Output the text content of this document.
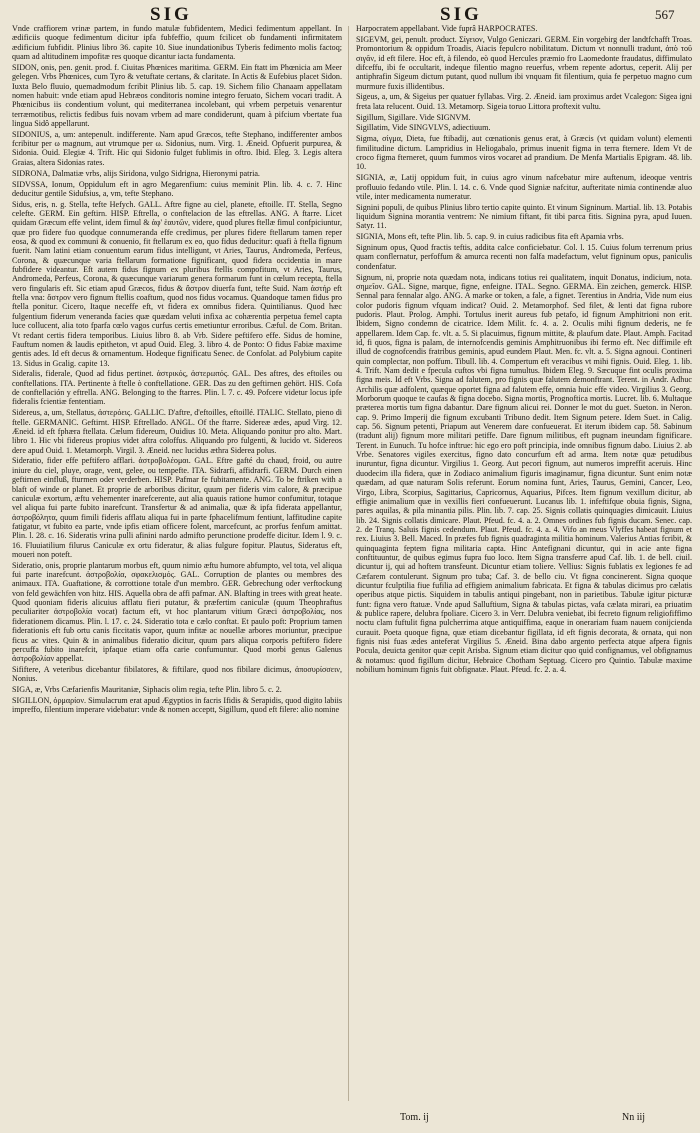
SIG	SIG	567

Vnde craffiorem vrinæ partem, in fundo matulæ fubfidentem, Medici fedimentum appellant. In ædificiis quoque fedimentum dicitur ipfa fubfeffio, quum fcilicet ob fundamenti infirmitatem ædificium fubfidit. Plinius libro 36. capite 10. Siue inundationibus Tyberis fedimento molis factoq; quam ad altitudinem impofitæ res quoque dicantur iacta fundamenta.

SIDON, onis, pen. genit. prod. f. Ciuitas Phœnices maritima. GERM. Ein ftatt im Phœnicia am Meer gelegen. Vrbs Phœnices, cum Tyro & vetuftate certans, & claritate. In Actis & Eufebius placet Sidon. Iuxta Belo fluuio, quemadmodum fcribit Plinius lib. 5. cap. 19. Sichem filio Chanaam appellatam nomen habuit: vnde etiam apud Hebræos conditoris nomine integro feruato, Sichem vocari tradit. A Phœnicibus iis condentium volunt, qui mediterranea incolebant, qui vrbem perpetuis venarentur terræmotibus, relictis fedibus fuis novam vrbem ad mare condiderunt, quam à pifcium vbertate fua lingua Sidô appellarunt.

SIDONIUS, a, um: antepenult. indifferente. Nam apud Græcos, tefte Stephano, indifferenter ambos fcribitur per ω magnum, aut vtrumque per ω. Sidonius, num. Virg. 1. Æneid. Opfuerit purpurea, & Sidonia. Ouid. Elegiæ 4. Trift. Hic qui Sidonio fulget fublimis in oftro. Ibid. Eleg. 3. Legis altera Graias, altera Sidonias rates.

SIDRONA, Dalmatiæ vrbs, alijs Siridona, vulgo Sidrigna, Hieronymi patria.

SIDVSSA, Ionum, Oppidulum eft in agro Megarenfium: cuius meminit Plin. lib. 4. c. 7. Hinc deducitur gentile Sidufsius, a, vm, tefte Stephano.

Sidus, eris, n. g. Stella, tefte Hefych. GALL. Aftre figne au ciel, planete, eftoille. IT. Stella, Segno celefte. GERM. Ein geftirn. HISP. Eftrella, o conftelacion de las eftrellas. ANG. A ftarre. Licet quidam Græcum effe velint, idem fimul & ἀφ' ἑαυτῶν, videre, quod plures ftellæ fimul confpiciuntur, quæ pro fidere fuo quodque connumeranda effe credimus, per plures fidere ftellarum tamen reper eosa, & quod ex communi & conuenio, fit ftellarum ex eo, quo fidus deducitur: quafi à ftella fignum fuerit. Nam latini etiam conuentum earum fidus intelligunt, vt Aries, Taurus, Andromeda, Perfeus, Corona, & quæcunque varia ftellarum formatione fignificant, quod fidera occidentia in mare fubfidere videantur. Eft autem fidus fignum ex pluribus ftellis compofitum, vt Aries, Taurus, Andromeda, Perfeus, Corona, & quæcunque variarum genera formarum funt in cœlum recepta, ftella vero fingularis eft. Sic etiam apud Græcos, fidus & ἄστρον diuerfa funt, tefte Suid. Nam ἀστήρ eft ftella vna: ἄστρον vero fignum ftellis coaftum, quod nos fidus vocamus. Quandoque tamen fidus pro ftella ponitur. Cicero, Itaque neceffe eft, vt fidera ex omnibus fidera. Quintilianus. Quod hæc fulgentium fiderum veneranda facies quæ quædam veluti infixa ac cohærentia perpetua femel capta luce collucent, alia toto fparfa cœlo vagos curfus certis emetiuntur erroribus. Cæful. de Com. Britan. Vt redant certis fidera temporibus. Liuius libro 8. ab Vrb. Sidere peftifero effe. Sidus de homine, Fauftum nomen & laudis epitheton, vt apud Ouid. Eleg. 3. libro 4. de Ponto: O fidus Fabiæ maxime gentis ades. Id eft decus & ornamentum. Hodeque fignificatu Senec. de Confolat. ad Polybium capite 13. Sidus in Gcalig. capite 13.

Sideralis, fiderale, Quod ad fidus pertinet. ἀστρικός, ἀστερωπός. GAL. Des aftres, des eftoiles ou conftellations. ITA. Pertinente à ftelle ò conftellatione. GER. Das zu den geftirnen gehört. HIS. Cofa de conftellación y eftrella. ANG. Belonging to the ftarres. Plin. l. 7. c. 49. Pofcere videtur locus ipfe fideralis fcientiæ fententiam.

Sidereus, a, um, Stellatus, ἀστερόεις. GALLIC. D'aftre, d'eftoilles, eftoillé. ITALIC. Stellato, pieno di ftelle. GERMANIC. Geftirnt. HISP. Eftrellado. ANGL. Of the ftarre. Sidereæ ædes, apud Virg. 12. Æneid. id eft fphæra ftellata. Cælum fidereum, Ouidius 10. Meta. Aliquando ponitur pro alto. Mart. libro 1. Hic vbi fidereus propius videt aftra coloffus. Aliquando pro fulgenti, & lucido vt. Sidereos dere apud Ouid. 1. Metamorph. Virgil. 3. Æneid. nec lucidus æthra Siderea polus.

Sideratio, fider effe peftifero afflari. ἀστροβολέομαι. GAL. Eftre gafté du chaud, froid, ou autre iniure du ciel, pluye, orage, vent, gelee, ou tempefte. ITA. Sidrarfi, affidrarfi. GERM. Durch einen geftirnen einfluß, fturmen oder verderben. HISP. Pafmar fe fubitamente. ANG. To be ftriken with a blaft of winde or planet. Et proprie de arboribus dicitur, quum per fideris vim calore, & præcipue caniculæ exortum, æftu vehementer inarefcerente, aut alia quauis ratione humor confumitur, totaque vel aliqua fui parte fubito inarefcunt. Transfertur & ad animalia, quæ & ipfa fiderata appellantur, ἀστροβόλητα, quum fimili fideris afflatu aliqua fui in parte fphacelifmum fentiunt, laffitudine capite fatigatur, vt fubito ea parte, vnde ipfis etiam officere folent, marcefcunt, ac prorfus fenfum amittat. Plin. l. 28. c. 16. Sideratis vrina pulli afinini nardo admifto perunctione prodeffe dicitur. Idem l. 9. c. 16. Fluuiatilium filurus Caniculæ ex ortu fideratur, & alias fulgure fopitur. Plautus, Sideratus eft, moueri non poteft.

Sideratio, onis, proprie plantarum morbus eft, quum nimio æftu humore abfumpto, vel tota, vel aliqua fui parte inarefcunt. ἀστροβολία, σφακελισμός. GAL. Corruption de plantes ou membres des animaux. ITA. Guaftatione, & corrottione totale d'un membro. GER. Gebrechung oder verftockung von feld gewächfen von hitz. HIS. Aquella obra de affi pafmar. AN. Blafting in trees with great heate. Quod quoniam fideris alicuius afflatu fieri putatur, & præfertim caniculæ (quum Theophraftus peculiariter ἀστροβολία vocat) factum eft, vt hoc plantarum vitium Græci ἀστροβολίας, nos fiderationem dicamus. Plin. l. 17. c. 24. Sideratio tota e cælo conftat. Et paulo poft: Proprium tamen fiderationis eft fub ortu canis ficcitatis vapor, quum infitæ ac nouellæ arbores moriuntur, præcipue ficus ac vites. Quin & in animalibus fideratio dicitur, quum pars aliqua corporis peftifero fidere percuffa fubito inarefcit, ipfaque etiam offa carie confumuntur. Quod morbi genus Galenus ἀστροβολίαν appellat.

Sififtere, A veteribus dicebantur fibilatores, & fiftilare, quod nos fibilare dicimus, ἀποσυρίσσειν, Nonius.

SIGA, æ, Vrbs Cæfarienfis Mauritaniæ, Siphacis olim regia, tefte Plin. libro 5. c. 2.

SIGILLON, ὁρμαρίον. Simulacrum erat apud Ægyptios in facris Ifidis & Serapidis, quod digito labiis impreffo, filentium imperare videbatur: vnde & nomen acceptt, Sigillum, quod eft filere: alio nomine

Harpocratem appellabant. Vide fuprâ HARPOCRATES.

SIGEVM, gei, penult. product. Σίγειον, Vulgo Geniczari. GERM. Ein vorgebirg der landtfchafft Troas. Promontorium & oppidum Troadis, Aiacis fepulcro nobilitatum. Dictum vt nonnulli tradunt, ἀπὸ τοῦ σιγᾶν, id eft filere. Hoc eft, à filendo, eò quod Hercules præmio fro Laomedonte fraudatus, diffimulato difceffu, ibi fe occultarit, indeque filentio magno reuerfus, vrbem repente adortus, ceperit. Alij per antiphrafin Sigeum dictum putant, quod nullum ibi vnquam fit filentium, quia fe perpetuo magno cum murmure fuxis illidentibus.

Sigeus, a, um, & Sigeius per quatuer fyllabas. Virg. 2. Æneid. iam proximus ardet Vcalegon: Sigea igni freta lata relucent. Ouid. 13. Metamorp. Sigeia toruo Littora proftexit vultu.

Sigillum, Sigillare. Vide SIGNVM.

Sigillatim, Vide SINGVLVS, adiectiuum.

Sigma, σίγμα, Dieta, fue ftibadij, aut cœnationis genus erat, à Græcis (vt quidam volunt) elementi fimilitudine dictum. Lampridius in Heliogabalo, primus inuenit figma in terra fternere. Idem Vt de croco figma fterneret, quum fummos viros vocaret ad prandium. De Menfa Martialis Epigram. 48. lib. 10.

SIGNIA, æ, Latij oppidum fuit, in cuius agro vinum nafcebatur mire auftenum, ideoque ventris profluuio fedando vtile. Plin. l. 14. c. 6. Vnde quod Signiæ nafcitur, aufteritate nimia continendæ aluo vtile, inter medicamenta numeratur.

Signini populi, de quibus Plinius libro tertio capite quinto. Et vinum Signinum. Martial. lib. 13. Potabis liquidum Signina morantia ventrem: Ne nimium fiftant, fit tibi parca fitis. Signina pyra, apud Iuuen. Satyr. 11.

SIGNIA, Mons eft, tefte Plin. lib. 5. cap. 9. in cuius radicibus fita eft Apamia vrbs.

Signinum opus, Quod fractis teftis, addita calce conficiebatur. Col. l. 15. Cuius folum terrenum prius quam conflernatur, perfoffum & amurca recenti non falfa madefactum, velut figninum opus, paniculis condenfatur.

Signum, ni, proprie nota quædam nota, indicans totius rei qualitatem, inquit Donatus, indicium, nota. σημεῖον. GAL. Signe, marque, figne, enfeigne. ITAL. Segno. GERMA. Ein zeichen, gemerck. HISP. Sennal para fennalar algo. ANG. A marke or token, a fale, a fignet. Terentius in Andria, Vide num eius color pudoris fignum vfquam indicat? Ouid. 2. Metamorphof. Sed filet, & lenti dat figna rubore pudoris. Plaut. Prolog. Amphi. Tortulus inerit aureus fub petafo, id fignum Amphitrioni non erit. Ibidem, Signo condemn de cicatrice. Idem Milit. fc. 4. a. 2. Oculis mihi fignum dederis, ne fe appellarem. Idem Cap. fc. vlt. a. 5. Si placuimus, fignum mittite, & plaufum date. Plaut. Amph. Facitad id, fi quos, figna is palam, de internofcendis geminis Amphitruonibus ibi fermo eft. Nec diffimile eft illud de cognofcendis fratribus geminis, apud eundem Plaut. Men. fc. vlt. a. 5. Signa agnoui. Contineri quin complectar, non poffum. Tibull. lib. 4. Compertum eft veracibus vt mihi fignis. Ouid. Eleg. 1. lib. 4. Trift. Nam dedit e fpecula cuftos vbi figna tumultus. Ibidem Eleg. 9. Sæcuque fint oculis proxima figna meis. Id eft Vrbs. Signa ad falutem, pro fignis quæ falutem demonftrant. Terent. in Andr. Adhuc Archilis quæ adfolent, quæque oportet figna ad falutem effe, omnia huic effe video. Virgilius 3. Georg. Morborum quoque te caufas & figna docebo. Signa mortis, Prognoftica mortis. Lucret. lib. 6. Multaque præterea mortis tum figna dabantur. Dare fignum alicui rei. Donner le mot du guet. Sueton. in Neron. cap. 9. Primo Imperij die fignum excubanti Tribuno dedit. Item Signum petere. Idem Suet. in Calig. cap. 56. Signum petenti, Priapum aut Venerem dare confueuerat. Et iterum ibidem cap. 58. Sabinum (tradunt alij) fignum more militari petiffe. Dare fignum militibus, eft pugnam ineundam fignificare. Terent. in Eunuch. Tu hofce inftrue: hic ego ero poft principia, inde omnibus fignum dabo. Liuius 2. ab Vrbe. Senatores vigiles exercitus, figno dato concurfum eft ad arma. Item notæ quæ petudibus inuruntur, figna dicuntur. Virgilius 1. Georg. Aut pecori fignum, aut numeros impreffit aceruis. Hinc duodecim illa fidera, quæ in Zodiaco animalium figuris imaginamur, figna dicuntur. Sunt enim notæ quædam, ad quæ naturam Solis referunt. Eorum nomina funt, Aries, Taurus, Gemini, Cancer, Leo, Virgo, Libra, Scorpius, Sagittarius, Capricornus, Aquarius, Pifces. Item fignum vexillum dicitur, ab effigie animalium quæ in vexillis fieri confueuerunt. Lucanus lib. 1. infeftifque obuia fignis, Signa, pares aquilas, & pila minantia pilis. Plin. lib. 7. cap. 25. Signis collatis quinquagies dimicauit. Liuius lib. 24. Signis collatis dimicare. Plaut. Pfeud. fc. 4. a. 2. Omnes ordines fub fignis ducam. Senec. cap. 2. de Tranq. Saluis fignis cedendum. Plaut. Pfeud. fc. 4. a. 4. Vifo an meus Vlyffes habeat fignum et rex. Liuius 3. Bell. Maced. In præfes fub fignis quadraginta militia hominum. Valerius Antias fcribit, & quinquaginta feptem figna militaria capta. Hinc Antefignani dicuntur, qui in acie ante figna conftituuntur, de quibus egimus fupra fuo loco. Item Signa transferre apud Caf. lib. 1. de bell. ciuil. dicuntur ij, qui ad hoftem transfeunt. Dicuntur etiam toliere. Vellius: Signis fublatis ex legiones fe ad Cæfarem contulerunt. Signum pro tuba; Caf. 3. de bello ciu. Vt figna concinerent. Signa quoque dicuntur fculptilia fiue fufilia ad effigiem animalium fabricata. Et figna & tabulas dicimus pro cælatis operibus atque pictis. Siquidem in tabulis antiqui pingebant, non in parietibus. Tabulæ igitur picturæ funt: figna vero ftatuæ. Vnde apud Salluftium, Signa & tabulas pictas, vafa cælata mirari, ea priuatim & publice rapere, delubra fpoliare. Cicero 3. in Verr. Delubra veniebat, ibi fecreto fignum religiofiffimo noctu clam fuftulit figna pulcherrima atque antiquiffima, eaque in onerariam fuam nauem conijcienda curauit. Poeta quoque figna, quæ etiam dicebantur figillata, id eft fignis decorata, & ornata, qui non fignis nisi fuas ædes anteferat Virgilius 5. Æneid. Bina dabo argento perfecta atque afpera fignis Pocula, deuicta genitor quæ cepit Arisba. Signum etiam dicitur quo quid confignamus, vel obfignamus & notamus: quod figillum dicitur, Hebraice Chotham Septuag. Cicero pro Quintio. Tabulæ maxime nobilium hominum fignis fuit obfignatæ. Plaut. Pfeud. fc. 2. a. 4.

Tom. ij	Nn iij
